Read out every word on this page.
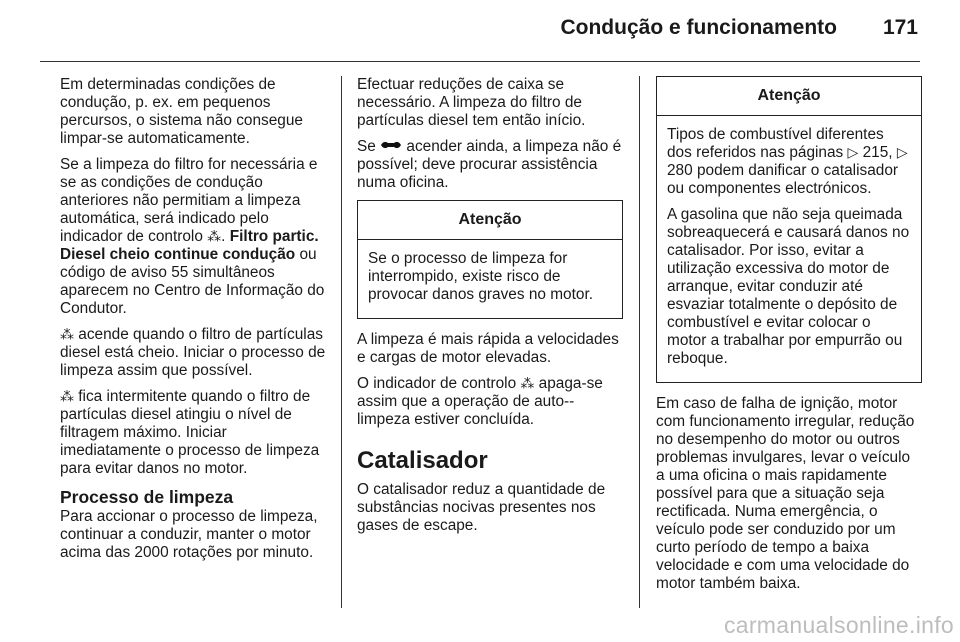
Condução e funcionamento 171

Em determinadas condições de condução, p. ex. em pequenos percursos, o sistema não consegue limpar-se automaticamente.

Se a limpeza do filtro for necessária e se as condições de condução anteriores não permitiam a limpeza automática, será indicado pelo indicador de controlo ⁂. Filtro partic. Diesel cheio continue condução ou código de aviso 55 simultâneos aparecem no Centro de Informação do Condutor.

⁂ acende quando o filtro de partículas diesel está cheio. Iniciar o processo de limpeza assim que possível.

⁂ fica intermitente quando o filtro de partículas diesel atingiu o nível de filtragem máximo. Iniciar imediatamente o processo de limpeza para evitar danos no motor.

Processo de limpeza

Para accionar o processo de limpeza, continuar a conduzir, manter o motor acima das 2000 rotações por minuto.

Efectuar reduções de caixa se necessário. A limpeza do filtro de partículas diesel tem então início.

Se  acender ainda, a limpeza não é possível; deve procurar assistência numa oficina.

Atenção

Se o processo de limpeza for interrompido, existe risco de provocar danos graves no motor.

A limpeza é mais rápida a velocidades e cargas de motor elevadas.

O indicador de controlo ⁂ apaga-se assim que a operação de auto--limpeza estiver concluída.

Catalisador

O catalisador reduz a quantidade de substâncias nocivas presentes nos gases de escape.

Atenção

Tipos de combustível diferentes dos referidos nas páginas ▷ 215, ▷ 280 podem danificar o catalisador ou componentes electrónicos.

A gasolina que não seja queimada sobreaquecerá e causará danos no catalisador. Por isso, evitar a utilização excessiva do motor de arranque, evitar conduzir até esvaziar totalmente o depósito de combustível e evitar colocar o motor a trabalhar por empurrão ou reboque.

Em caso de falha de ignição, motor com funcionamento irregular, redução no desempenho do motor ou outros problemas invulgares, levar o veículo a uma oficina o mais rapidamente possível para que a situação seja rectificada. Numa emergência, o veículo pode ser conduzido por um curto período de tempo a baixa velocidade e com uma velocidade do motor também baixa.

carmanualsonline.info
